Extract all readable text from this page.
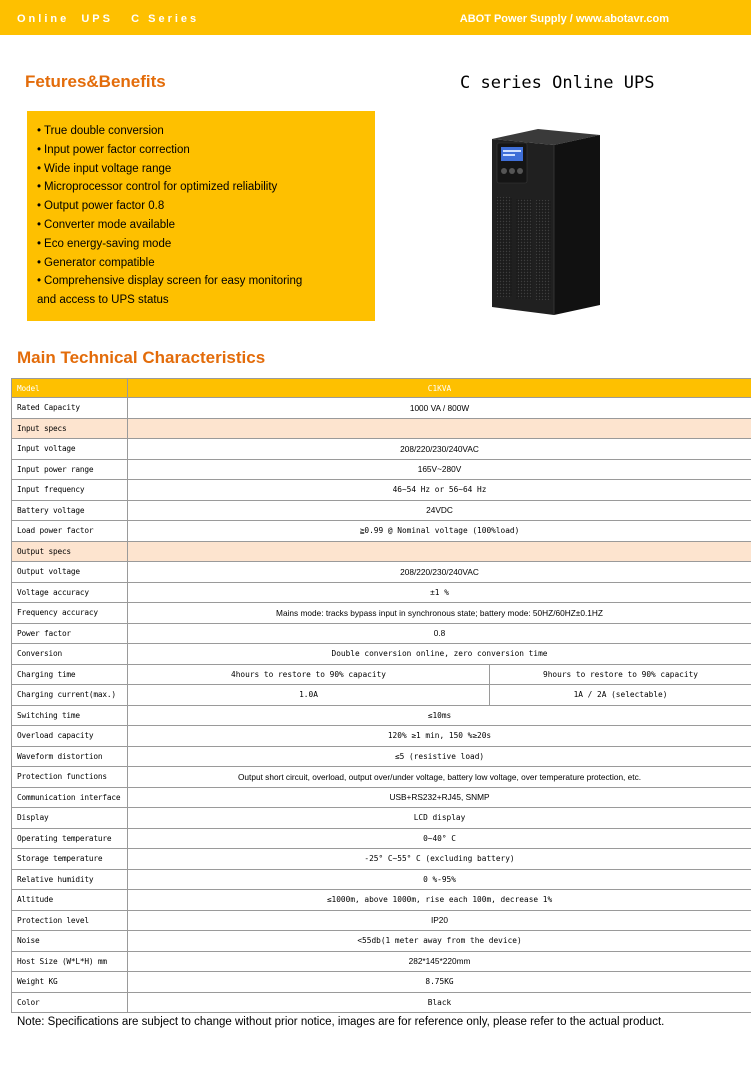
Online  UPS   C Series	ABOT Power Supply / www.abotavr.com
Fetures&Benefits	C series Online UPS
• True double conversion
• Input power factor correction
• Wide input voltage range
• Microprocessor control for optimized reliability
• Output power factor 0.8
• Converter mode available
• Eco energy-saving mode
• Generator compatible
• Comprehensive display screen for easy monitoring
and access to UPS status
Main Technical Characteristics
Model	C1KVA	
Rated Capacity	1000 VA / 800W	
Input specs		
Input voltage	208/220/230/240VAC	
Input power range	165V~280V	
Input frequency	46~54 Hz or 56~64 Hz	
Battery voltage	24VDC	
Load power factor	≧0.99 @ Nominal voltage (100%load)	
Output specs		
Output voltage	208/220/230/240VAC	
Voltage accuracy	±1 %	
Frequency accuracy	Mains mode: tracks bypass input in synchronous state; battery mode: 50HZ/60HZ±0.1HZ	
Power factor	0.8	
Conversion	Double conversion online, zero conversion time	
Charging time	4hours to restore to 90% capacity	9hours to restore to 90% capacity
Charging current(max.)	1.0A	1A / 2A (selectable)
Switching time	≤10ms	
Overload capacity	120% ≥1 min, 150 %≥20s	
Waveform distortion	≤5 (resistive load)	
Protection functions	Output short circuit, overload, output over/under voltage, battery low voltage, over temperature protection, etc.	
Communication interface	USB+RS232+RJ45, SNMP	
Display	LCD display	
Operating temperature	0~40° C	
Storage temperature	-25° C~55° C (excluding battery)	
Relative humidity	0 %-95%	
Altitude	≤1000m, above 1000m, rise each 100m, decrease 1%	
Protection level	IP20	
Noise	<55db(1 meter away from the device)	
Host Size (W*L*H) mm	282*145*220mm	
Weight KG	8.75KG	
Color	Black	
Note: Specifications are subject to change without prior notice, images are for reference only, please refer to the actual product.
